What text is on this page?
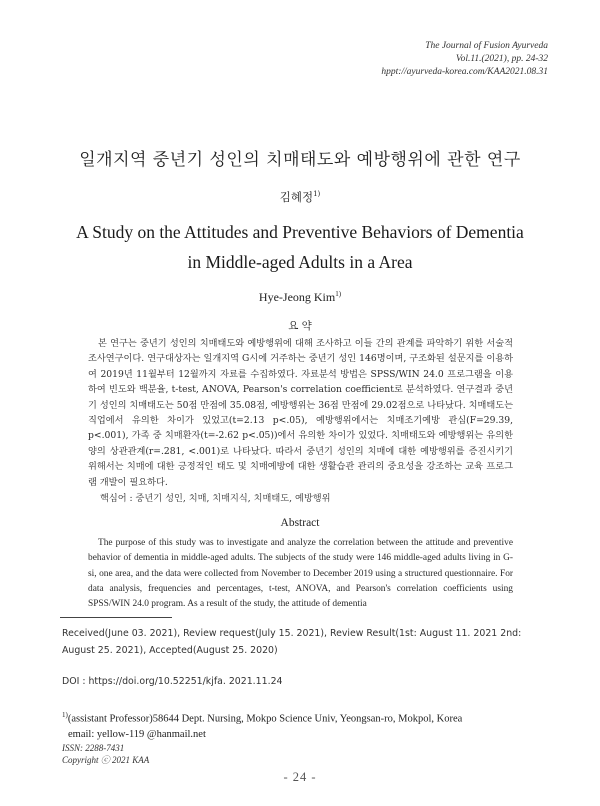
The Journal of Fusion Ayurveda
Vol.11.(2021), pp. 24-32
hppt://ayurveda-korea.com/KAA2021.08.31
일개지역 중년기 성인의 치매태도와 예방행위에 관한 연구
김혜정$^{1)}$
A Study on the Attitudes and Preventive Behaviors of Dementia
in Middle-aged Adults in a Area
Hye-Jeong Kim$^{1)}$
요 약

본 연구는 중년기 성인의 치매태도와 예방행위에 대해 조사하고 이들 간의 관계를 파악하기 위한 서술적 조사연구이다. 연구대상자는 일개지역 G시에 거주하는 중년기 성인 146명이며, 구조화된 설문지를 이용하여 2019년 11월부터 12월까지 자료를 수집하였다. 자료분석 방법은 SPSS/WIN 24.0 프로그램을 이용하여 빈도와 백분율, t-test, ANOVA, Pearson's correlation coefficient로 분석하였다. 연구결과 중년기 성인의 치매태도는 50점 만점에 35.08점, 예방행위는 36점 만점에 29.02점으로 나타났다. 치매태도는 직업에서 유의한 차이가 있었고(t=2.13 p<.05), 예방행위에서는 치매조기예방 관심(F=29.39, p<.001), 가족 중 치매환자(t=-2.62 p<.05))에서 유의한 차이가 있었다. 치매태도와 예방행위는 유의한 양의 상관관계(r=.281, <.001)로 나타났다. 따라서 중년기 성인의 치매에 대한 예방행위를 증진시키기 위해서는 치매에 대한 긍정적인 태도 및 치매예방에 대한 생활습관 관리의 중요성을 강조하는 교육 프로그램 개발이 필요하다.

핵심어 : 중년기 성인, 치매, 치매지식, 치매태도, 예방행위
Abstract

The purpose of this study was to investigate and analyze the correlation between the attitude and preventive behavior of dementia in middle-aged adults. The subjects of the study were 146 middle-aged adults living in G-si, one area, and the data were collected from November to December 2019 using a structured questionnaire. For data analysis, frequencies and percentages, t-test, ANOVA, and Pearson's correlation coefficients using SPSS/WIN 24.0 program. As a result of the study, the attitude of dementia

Received(June 03. 2021), Review request(July 15. 2021), Review Result(1st: August 11. 2021 2nd: August 25. 2021), Accepted(August 25. 2020)
DOI : https://doi.org/10.52251/kjfa. 2021.11.24
$^{1)}$(assistant Professor)58644 Dept. Nursing, Mokpo Science Univ, Yeongsan-ro, Mokpol, Korea
email: yellow-119 @hanmail.net
ISSN: 2288-7431
Copyright ⓒ 2021 KAA
- 24 -
